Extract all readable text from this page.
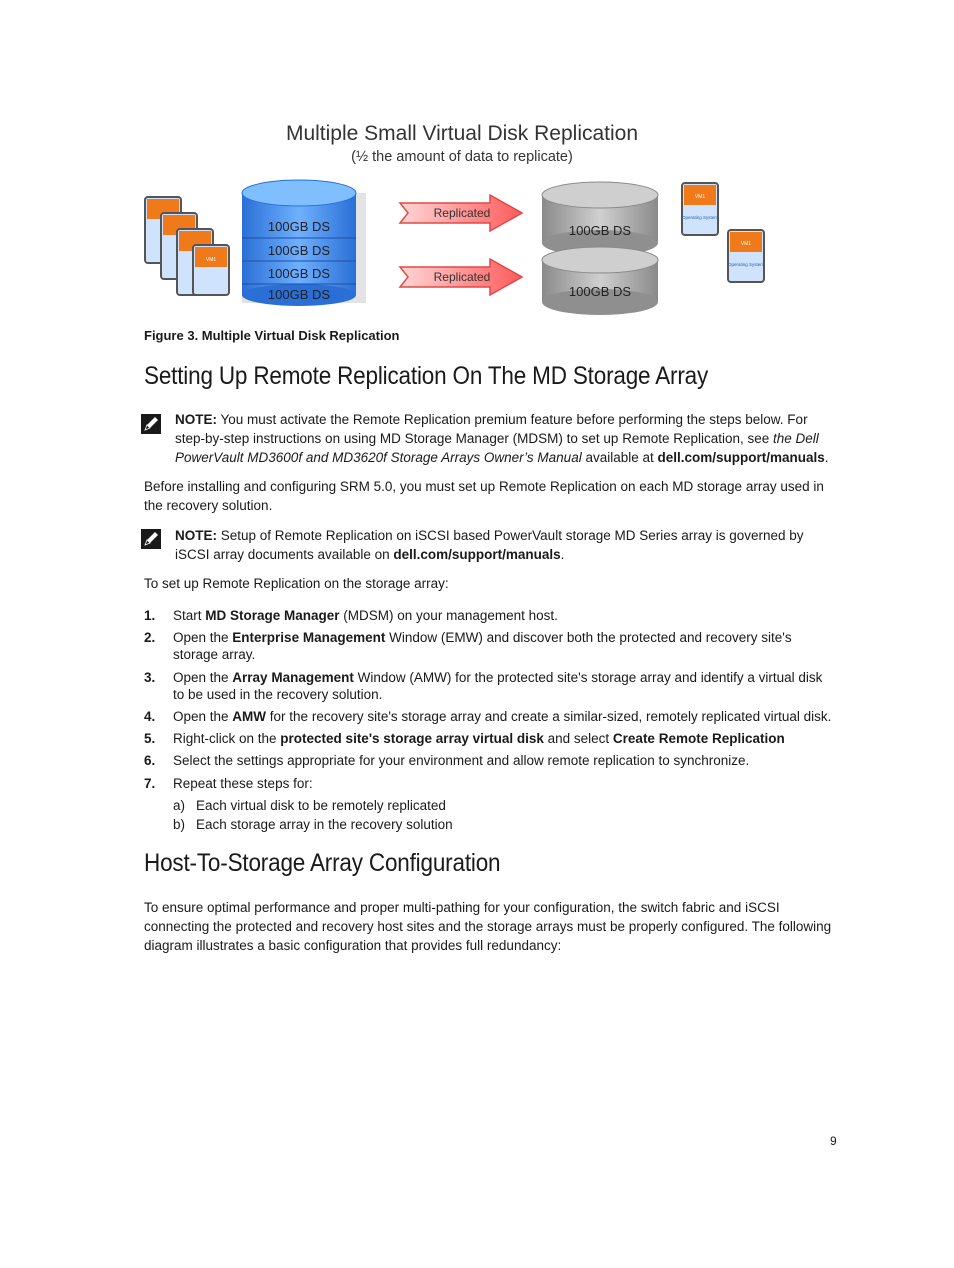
Multiple Small Virtual Disk Replication
(½ the amount of data to replicate)
VM1
100GB DS
100GB DS
100GB DS
100GB DS
Replicated
Replicated
100GB DS
100GB DS
VM1
Operating System
VM1
Operating System
Figure 3. Multiple Virtual Disk Replication
Setting Up Remote Replication On The MD Storage Array

NOTE: You must activate the Remote Replication premium feature before performing the steps below. For step-by-step instructions on using MD Storage Manager (MDSM) to set up Remote Replication, see the Dell PowerVault MD3600f and MD3620f Storage Arrays Owner’s Manual available at dell.com/support/manuals.

Before installing and configuring SRM 5.0, you must set up Remote Replication on each MD storage array used in the recovery solution.

NOTE: Setup of Remote Replication on iSCSI based PowerVault storage MD Series array is governed by iSCSI array documents available on dell.com/support/manuals.

To set up Remote Replication on the storage array:

1. Start MD Storage Manager (MDSM) on your management host.
2. Open the Enterprise Management Window (EMW) and discover both the protected and recovery site's storage array.
3. Open the Array Management Window (AMW) for the protected site's storage array and identify a virtual disk to be used in the recovery solution.
4. Open the AMW for the recovery site's storage array and create a similar-sized, remotely replicated virtual disk.
5. Right-click on the protected site's storage array virtual disk and select Create Remote Replication
6. Select the settings appropriate for your environment and allow remote replication to synchronize.
7. Repeat these steps for:
a) Each virtual disk to be remotely replicated
b) Each storage array in the recovery solution
Host-To-Storage Array Configuration

To ensure optimal performance and proper multi-pathing for your configuration, the switch fabric and iSCSI connecting the protected and recovery host sites and the storage arrays must be properly configured. The following diagram illustrates a basic configuration that provides full redundancy:

9
